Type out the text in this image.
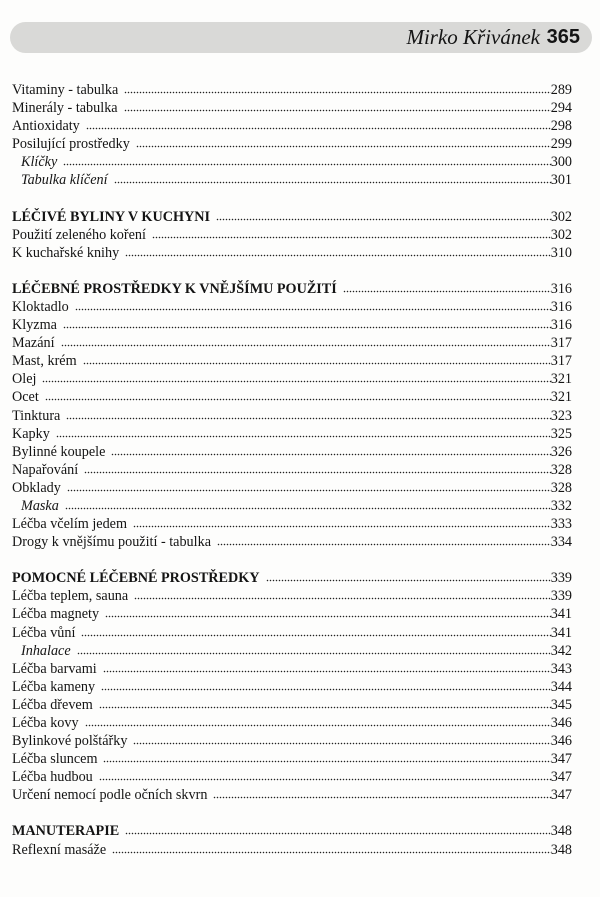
Mirko Křivánek 365
Vitaminy - tabulka	289
Minerály - tabulka	294
Antioxidaty	298
Posilující prostředky	299
Klíčky	300
Tabulka klíčení	301
LÉČIVÉ BYLINY V KUCHYNI	302
Použití zeleného koření	302
K kuchařské knihy	310
LÉČEBNÉ PROSTŘEDKY K VNĚJŠÍMU POUŽITÍ	316
Kloktadlo	316
Klyzma	316
Mazání	317
Mast, krém	317
Olej	321
Ocet	321
Tinktura	323
Kapky	325
Bylinné koupele	326
Napařování	328
Obklady	328
Maska	332
Léčba včelím jedem	333
Drogy k vnějšímu použití - tabulka	334
POMOCNÉ LÉČEBNÉ PROSTŘEDKY	339
Léčba teplem, sauna	339
Léčba magnety	341
Léčba vůní	341
Inhalace	342
Léčba barvami	343
Léčba kameny	344
Léčba dřevem	345
Léčba kovy	346
Bylinkové polštářky	346
Léčba sluncem	347
Léčba hudbou	347
Určení nemocí podle očních skvrn	347
MANUTERAPIE	348
Reflexní masáže	348
